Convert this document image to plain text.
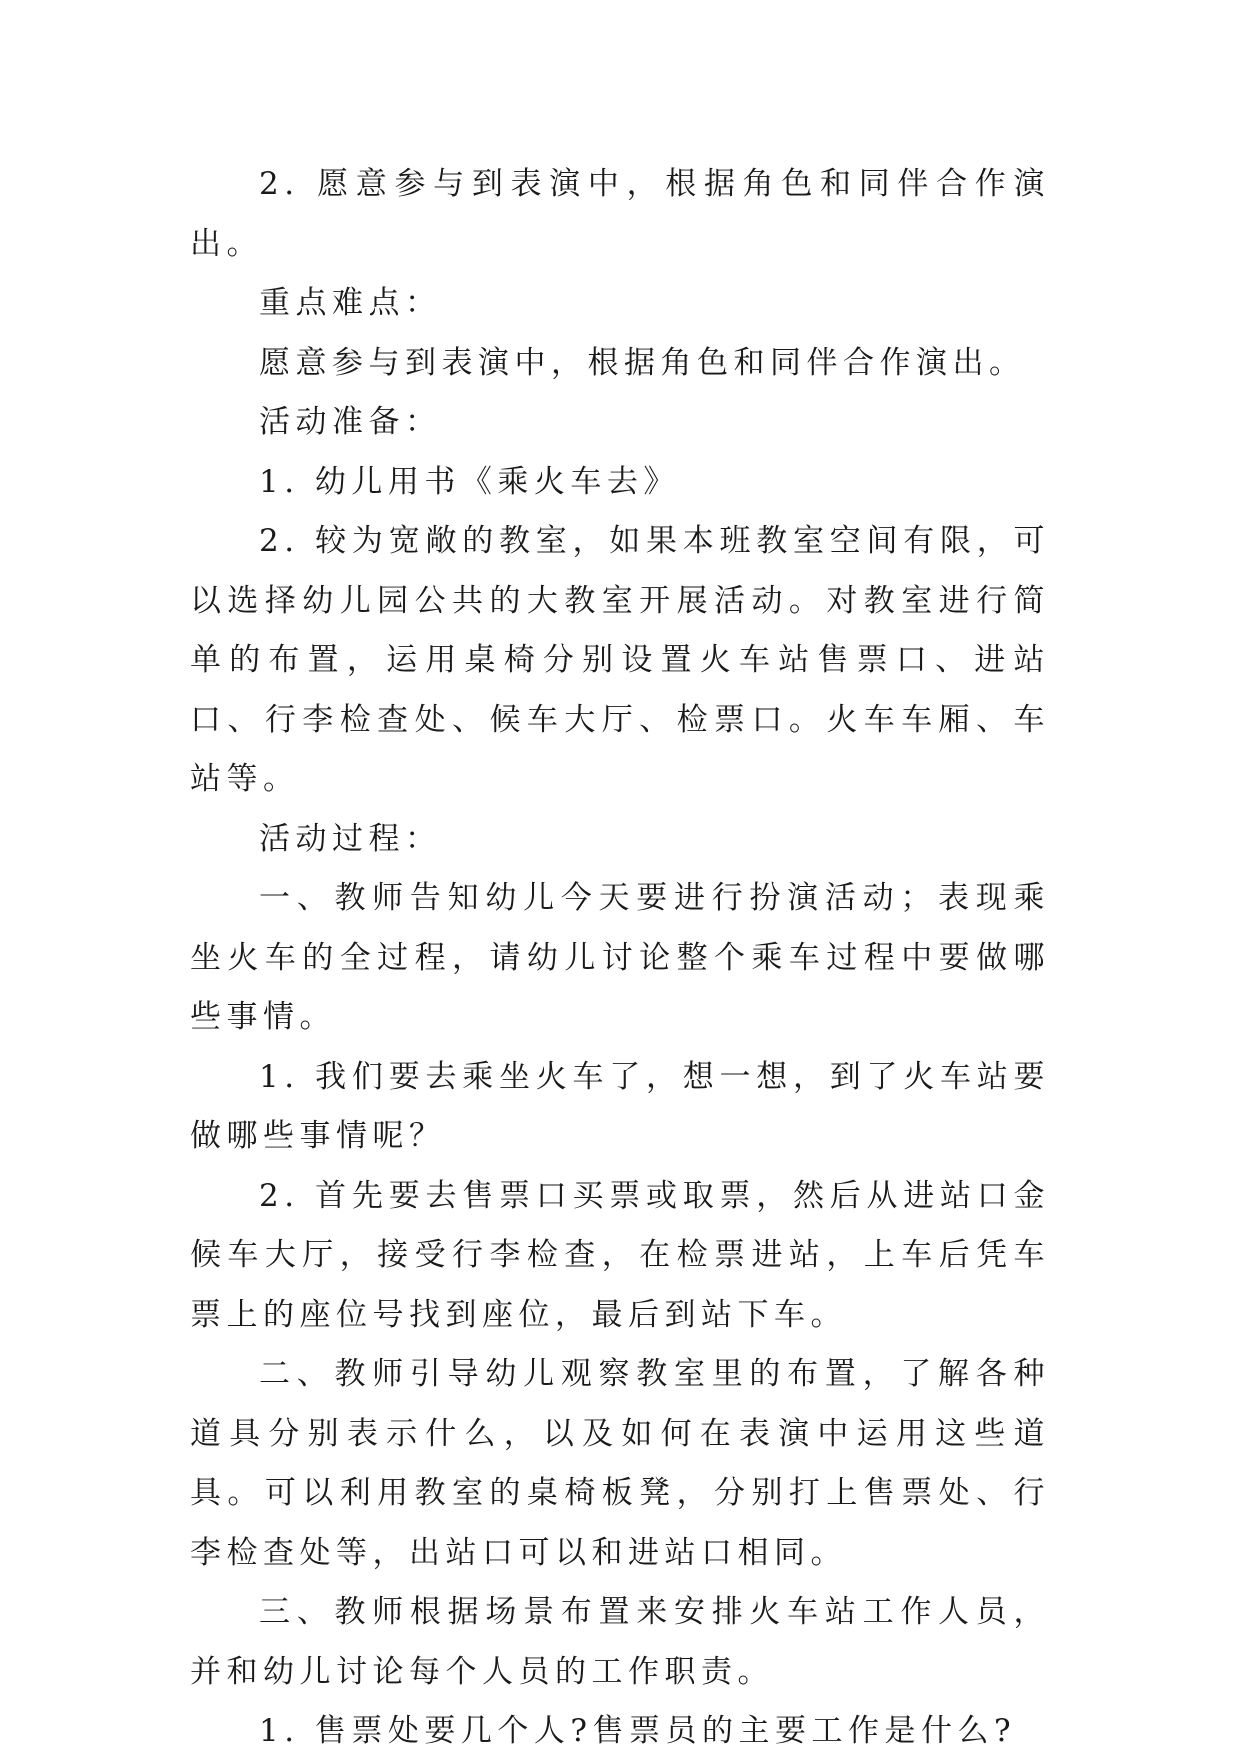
2. 愿意参与到表演中，根据角色和同伴合作演出。

重点难点：

愿意参与到表演中，根据角色和同伴合作演出。

活动准备：

1. 幼儿用书《乘火车去》

2. 较为宽敞的教室，如果本班教室空间有限，可以选择幼儿园公共的大教室开展活动。对教室进行简单的布置，运用桌椅分别设置火车站售票口、进站口、行李检查处、候车大厅、检票口。火车车厢、车站等。

活动过程：

一、教师告知幼儿今天要进行扮演活动；表现乘坐火车的全过程，请幼儿讨论整个乘车过程中要做哪些事情。

1. 我们要去乘坐火车了，想一想，到了火车站要做哪些事情呢？

2. 首先要去售票口买票或取票，然后从进站口金候车大厅，接受行李检查，在检票进站，上车后凭车票上的座位号找到座位，最后到站下车。

二、教师引导幼儿观察教室里的布置，了解各种道具分别表示什么，以及如何在表演中运用这些道具。可以利用教室的桌椅板凳，分别打上售票处、行李检查处等，出站口可以和进站口相同。

三、教师根据场景布置来安排火车站工作人员，并和幼儿讨论每个人员的工作职责。

1. 售票处要几个人?售票员的主要工作是什么?
